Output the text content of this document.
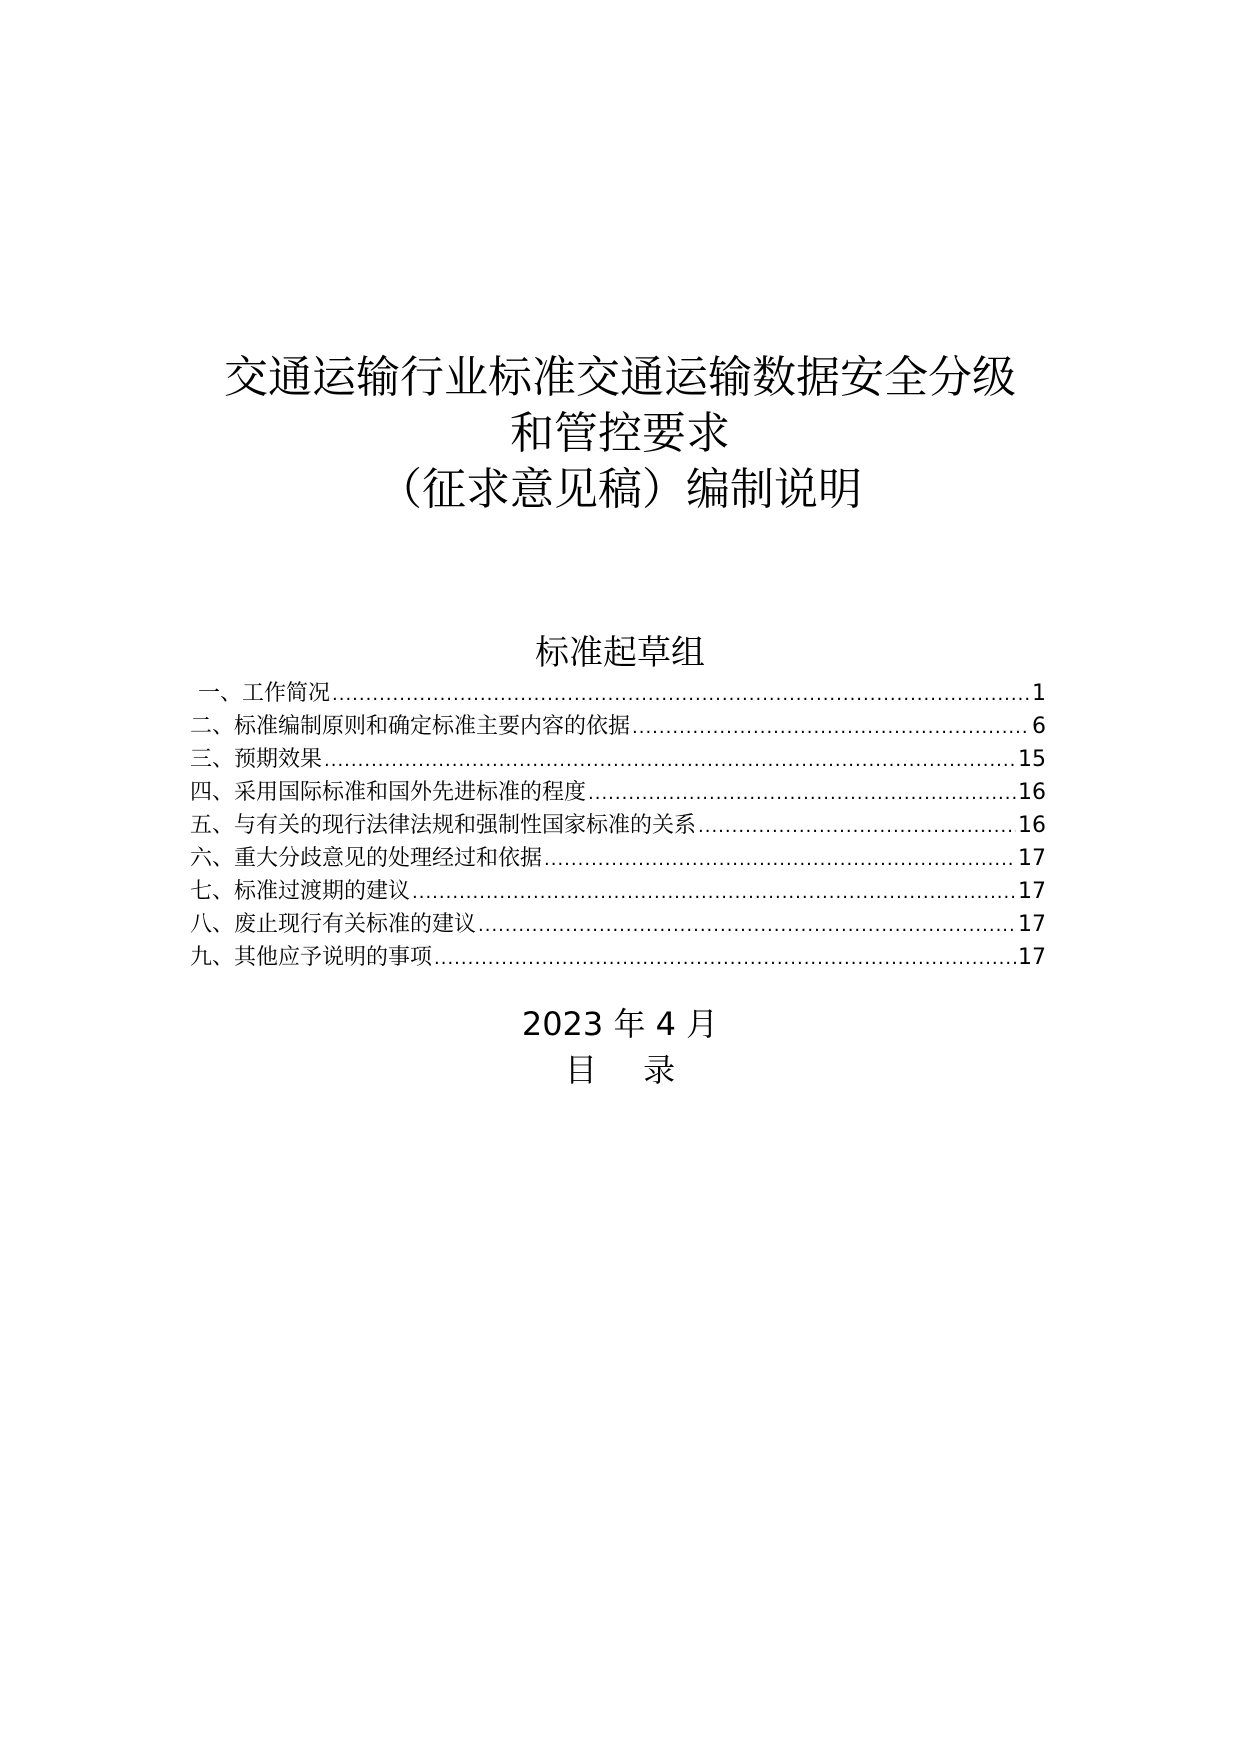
交通运输行业标准交通运输数据安全分级
和管控要求
（征求意见稿）编制说明
标准起草组
一、工作简况 .....	1
二、标准编制原则和确定标准主要内容的依据 .....	6
三、预期效果 .....	15
四、采用国际标准和国外先进标准的程度 .....	16
五、与有关的现行法律法规和强制性国家标准的关系 .....	16
六、重大分歧意见的处理经过和依据 .....	17
七、标准过渡期的建议 .....	17
八、废止现行有关标准的建议 .....	17
九、其他应予说明的事项 .....	17
2023 年 4 月
目 录
